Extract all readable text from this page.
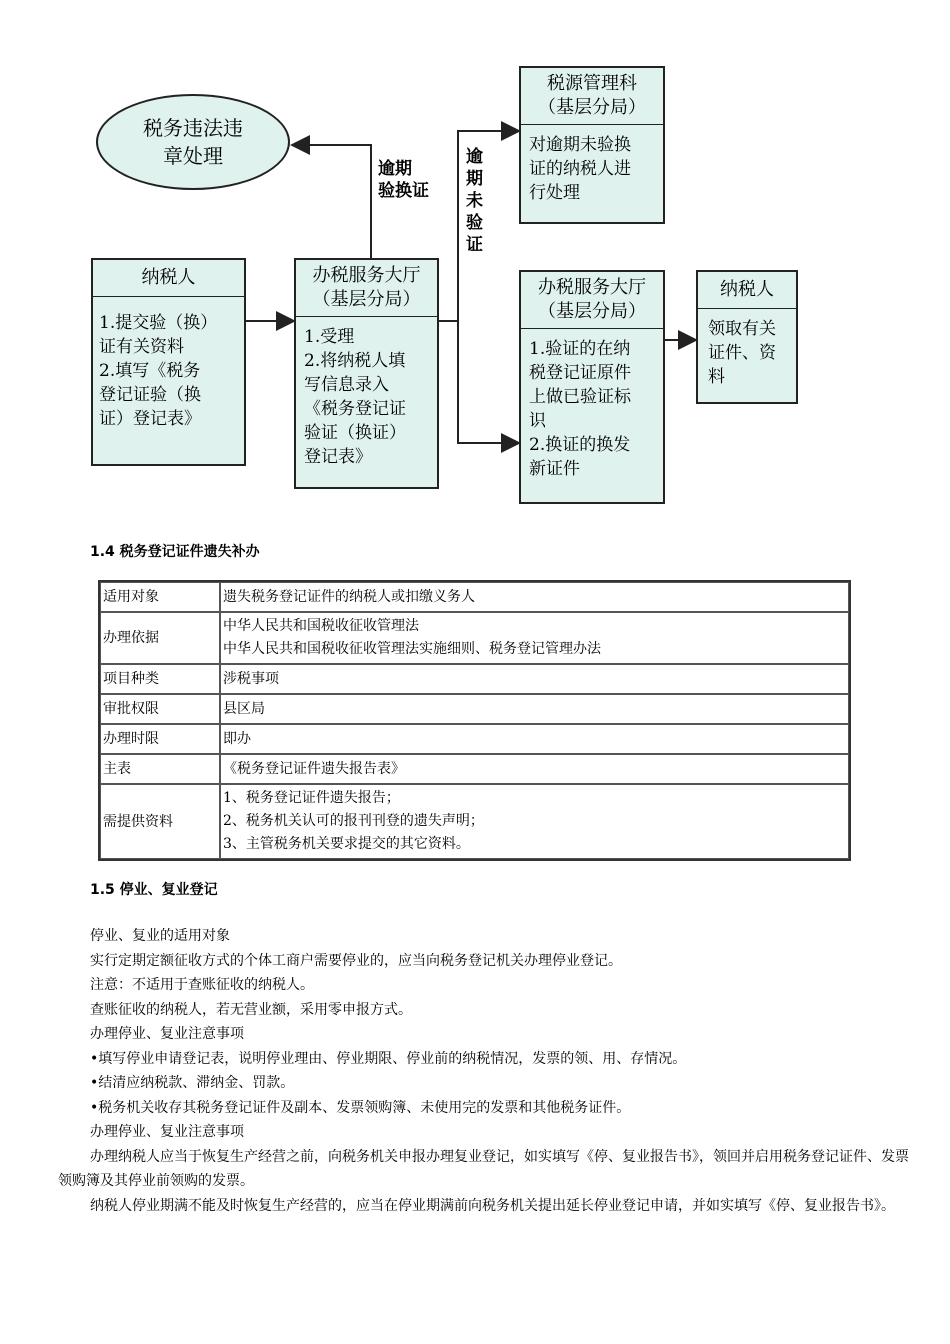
税务违法违
章处理
逾期
验换证
逾
期
未
验
证
税源管理科
（基层分局）
对逾期未验换
证的纳税人进
行处理
纳税人
1.提交验（换）
证有关资料
2.填写《税务
登记证验（换
证）登记表》
办税服务大厅
（基层分局）
1.受理
2.将纳税人填
写信息录入
《税务登记证
验证（换证）
登记表》
办税服务大厅
（基层分局）
1.验证的在纳
税登记证原件
上做已验证标
识
2.换证的换发
新证件
纳税人
领取有关
证件、资
料
1.4 税务登记证件遗失补办
适用对象	遗失税务登记证件的纳税人或扣缴义务人

办理依据	中华人民共和国税收征收管理法
中华人民共和国税收征收管理法实施细则、税务登记管理办法

项目种类	涉税事项

审批权限	县区局

办理时限	即办

主表	《税务登记证件遗失报告表》

需提供资料	1、税务登记证件遗失报告；
2、税务机关认可的报刊刊登的遗失声明；
3、主管税务机关要求提交的其它资料。
1.5 停业、复业登记

停业、复业的适用对象

实行定期定额征收方式的个体工商户需要停业的，应当向税务登记机关办理停业登记。

注意：不适用于查账征收的纳税人。

查账征收的纳税人，若无营业额，采用零申报方式。

办理停业、复业注意事项

•填写停业申请登记表，说明停业理由、停业期限、停业前的纳税情况，发票的领、用、存情况。

•结清应纳税款、滞纳金、罚款。

•税务机关收存其税务登记证件及副本、发票领购簿、未使用完的发票和其他税务证件。

办理停业、复业注意事项

办理纳税人应当于恢复生产经营之前，向税务机关申报办理复业登记，如实填写《停、复业报告书》，领回并启用税务登记证件、发票领购簿及其停业前领购的发票。

纳税人停业期满不能及时恢复生产经营的，应当在停业期满前向税务机关提出延长停业登记申请，并如实填写《停、复业报告书》。
